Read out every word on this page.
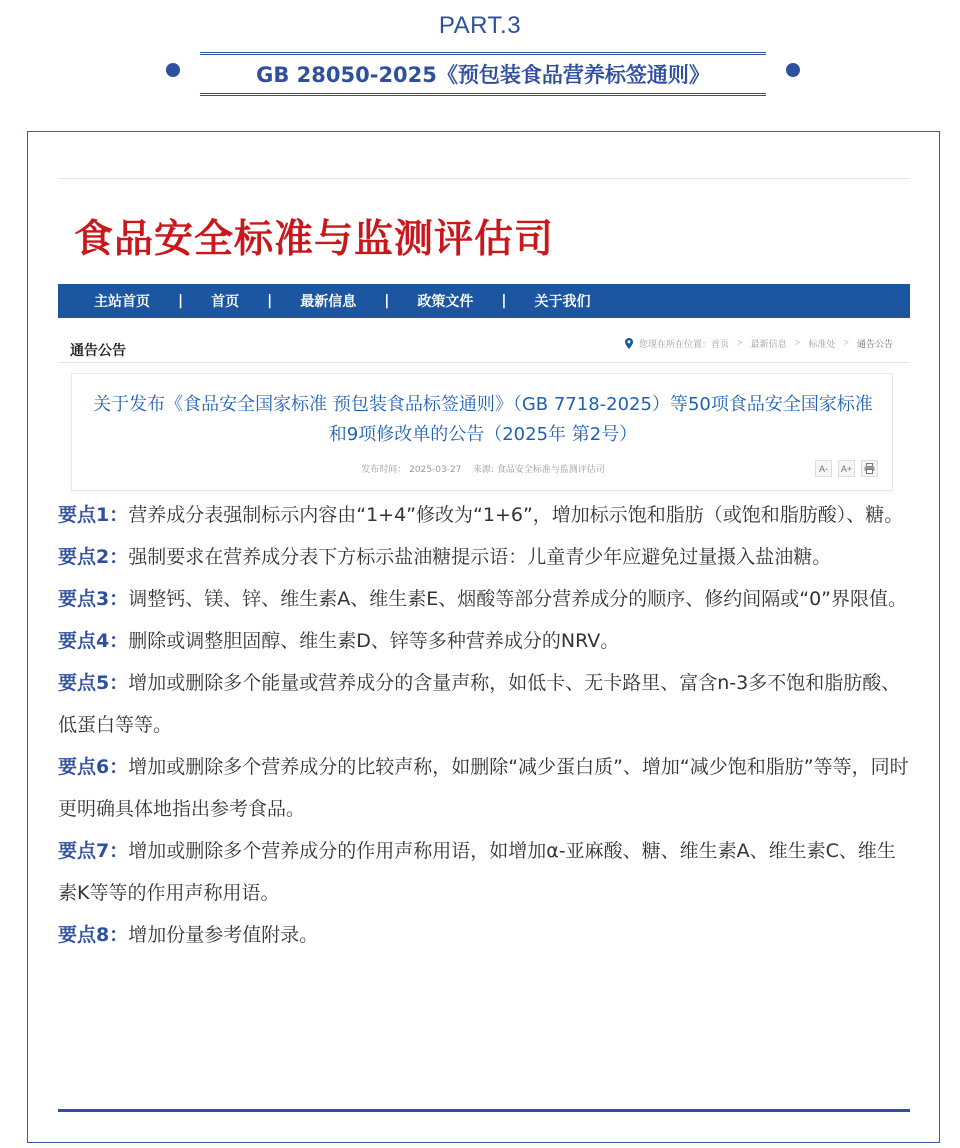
PART.3
GB 28050-2025《预包装食品营养标签通则》
食品安全标准与监测评估司
主站首页 | 首页 | 最新信息 | 政策文件 | 关于我们
通告公告	您现在所在位置： 首页 > 最新信息 > 标准处 > 通告公告
关于发布《食品安全国家标准 预包装食品标签通则》（GB 7718-2025）等50项食品安全国家标准和9项修改单的公告（2025年 第2号）
发布时间： 2025-03-27 来源: 食品安全标准与监测评估司	A-	A+
要点1：营养成分表强制标示内容由“1+4”修改为“1+6”，增加标示饱和脂肪（或饱和脂肪酸）、糖。
要点2：强制要求在营养成分表下方标示盐油糖提示语：儿童青少年应避免过量摄入盐油糖。
要点3：调整钙、镁、锌、维生素A、维生素E、烟酸等部分营养成分的顺序、修约间隔或“0”界限值。
要点4：删除或调整胆固醇、维生素D、锌等多种营养成分的NRV。
要点5：增加或删除多个能量或营养成分的含量声称，如低卡、无卡路里、富含n-3多不饱和脂肪酸、低蛋白等等。
要点6：增加或删除多个营养成分的比较声称，如删除“减少蛋白质”、增加“减少饱和脂肪”等等，同时更明确具体地指出参考食品。
要点7：增加或删除多个营养成分的作用声称用语，如增加α-亚麻酸、糖、维生素A、维生素C、维生素K等等的作用声称用语。
要点8：增加份量参考值附录。
